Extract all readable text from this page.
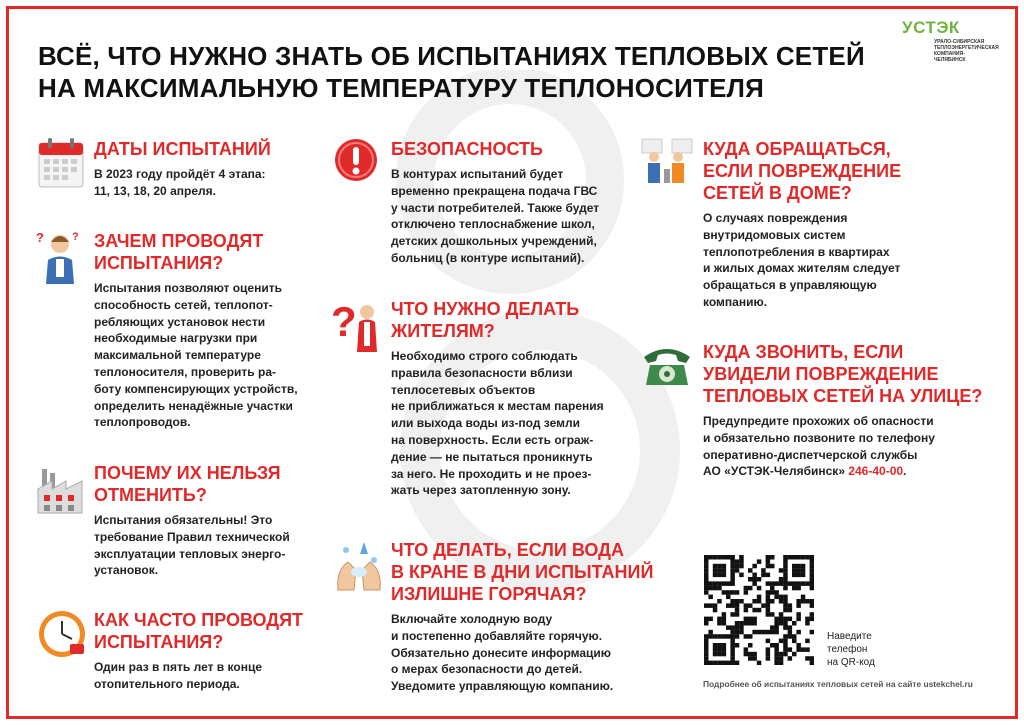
ВСЁ, ЧТО НУЖНО ЗНАТЬ ОБ ИСПЫТАНИЯХ ТЕПЛОВЫХ СЕТЕЙ
НА МАКСИМАЛЬНУЮ ТЕМПЕРАТУРУ ТЕПЛОНОСИТЕЛЯ
УСТЭК
УРАЛО-СИБИРСКАЯ
ТЕПЛОЭНЕРГЕТИЧЕСКАЯ
КОМПАНИЯ-ЧЕЛЯБИНСК
?	?
?
ДАТЫ ИСПЫТАНИЙ

В 2023 году пройдёт 4 этапа:
11, 13, 18, 20 апреля.

ЗАЧЕМ ПРОВОДЯТ
ИСПЫТАНИЯ?

Испытания позволяют оценить
способность сетей, теплопот-
ребляющих установок нести
необходимые нагрузки при
максимальной температуре
теплоносителя, проверить ра-
боту компенсирующих устройств,
определить ненадёжные участки
теплопроводов.

ПОЧЕМУ ИХ НЕЛЬЗЯ
ОТМЕНИТЬ?

Испытания обязательны! Это
требование Правил технической
эксплуатации тепловых энерго-
установок.

КАК ЧАСТО ПРОВОДЯТ
ИСПЫТАНИЯ?

Один раз в пять лет в конце
отопительного периода.

БЕЗОПАСНОСТЬ

В контурах испытаний будет
временно прекращена подача ГВС
у части потребителей. Также будет
отключено теплоснабжение школ,
детских дошкольных учреждений,
больниц (в контуре испытаний).

ЧТО НУЖНО ДЕЛАТЬ
ЖИТЕЛЯМ?

Необходимо строго соблюдать
правила безопасности вблизи
теплосетевых объектов
не приближаться к местам парения
или выхода воды из-под земли
на поверхность. Если есть ограж-
дение — не пытаться проникнуть
за него. Не проходить и не проез-
жать через затопленную зону.

ЧТО ДЕЛАТЬ, ЕСЛИ ВОДА
В КРАНЕ В ДНИ ИСПЫТАНИЙ
ИЗЛИШНЕ ГОРЯЧАЯ?

Включайте холодную воду
и постепенно добавляйте горячую.
Обязательно донесите информацию
о мерах безопасности до детей.
Уведомите управляющую компанию.

КУДА ОБРАЩАТЬСЯ,
ЕСЛИ ПОВРЕЖДЕНИЕ
СЕТЕЙ В ДОМЕ?

О случаях повреждения
внутридомовых систем
теплопотребления в квартирах
и жилых домах жителям следует
обращаться в управляющую
компанию.

КУДА ЗВОНИТЬ, ЕСЛИ
УВИДЕЛИ ПОВРЕЖДЕНИЕ
ТЕПЛОВЫХ СЕТЕЙ НА УЛИЦЕ?

Предупредите прохожих об опасности
и обязательно позвоните по телефону
оперативно-диспетчерской службы
АО «УСТЭК-Челябинск» 246-40-00.

Наведите
телефон
на QR-код
Подробнее об испытаниях тепловых сетей на сайте ustekchel.ru
